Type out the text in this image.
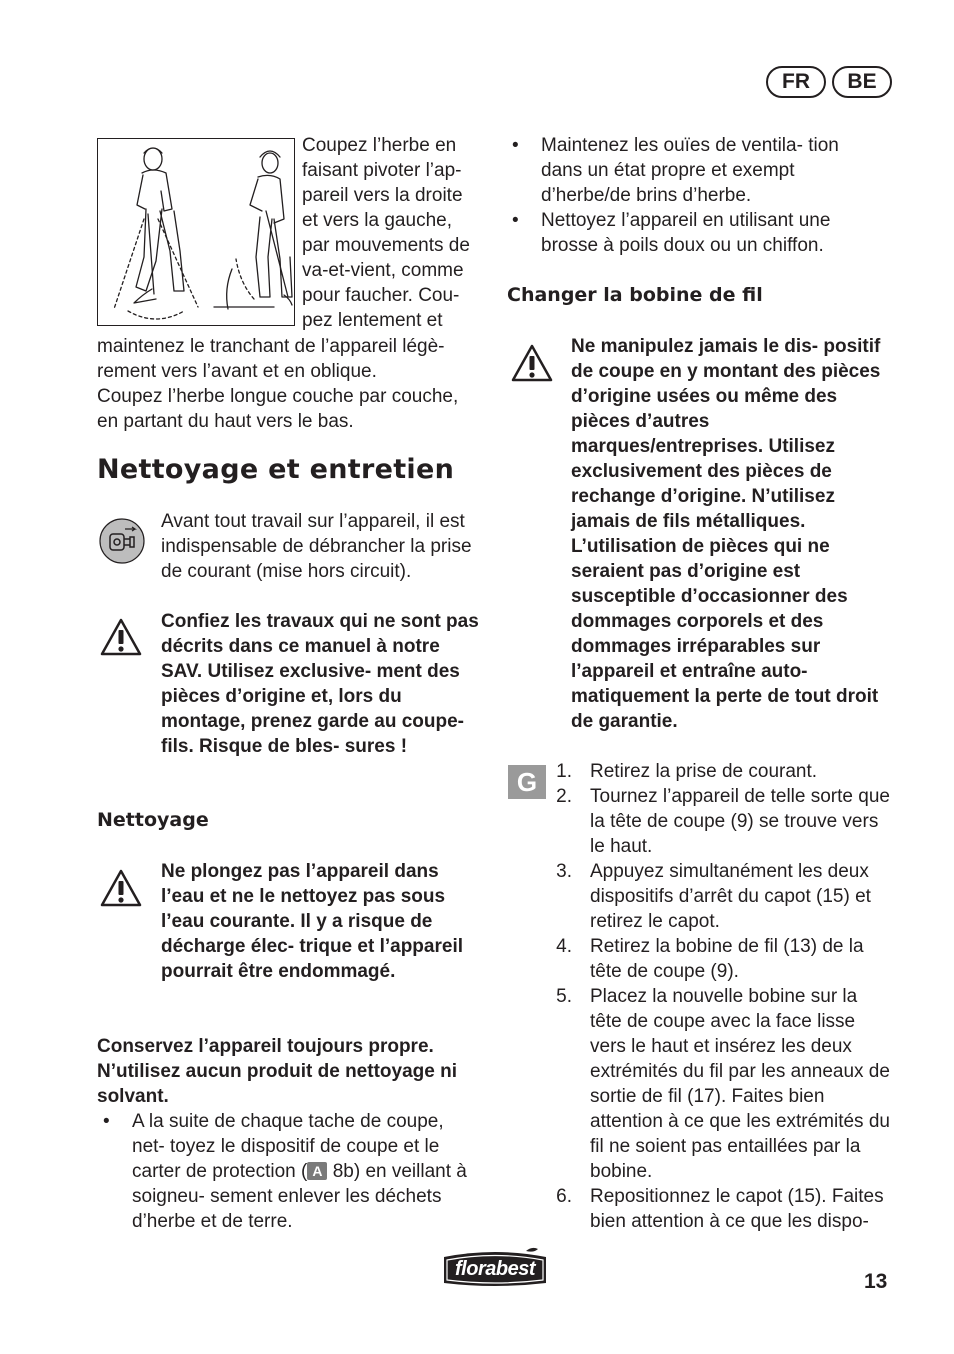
FR	BE
Coupez l’herbe en
faisant pivoter l’ap-
pareil vers la droite
et vers la gauche,
par mouvements de
va-et-vient, comme
pour faucher. Cou-
pez lentement et
maintenez le tranchant de l’appareil légè- rement vers l’avant et en oblique.
Coupez l’herbe longue couche par couche, en partant du haut vers le bas.
Nettoyage et entretien
Avant tout travail sur l’appareil, il est indispensable de débrancher la prise de courant (mise hors circuit).
Confiez les travaux qui ne sont pas décrits dans ce manuel à notre SAV. Utilisez exclusive- ment des pièces d’origine et, lors du montage, prenez garde au coupe-fils. Risque de bles- sures !
Nettoyage
Ne plongez pas l’appareil dans l’eau et ne le nettoyez pas sous l’eau courante. Il y a risque de décharge élec- trique et l’appareil pourrait être endommagé.
Conservez l’appareil toujours propre. N’utilisez aucun produit de nettoyage ni solvant.
• A la suite de chaque tache de coupe, net- toyez le dispositif de coupe et le carter de protection ( A 8b) en veillant à soigneu- sement enlever les déchets d’herbe et de terre.
• Maintenez les ouïes de ventila- tion dans un état propre et exempt d’herbe/de brins d’herbe.
• Nettoyez l’appareil en utilisant une brosse à poils doux ou un chiffon.
Changer la bobine de fil
Ne manipulez jamais le dis- positif de coupe en y montant des pièces d’origine usées ou même des pièces d’autres marques/entreprises. Utilisez exclusivement des pièces de rechange d’origine. N’utilisez jamais de fils métalliques. L’utilisation de pièces qui ne seraient pas d’origine est susceptible d’occasionner des dommages corporels et des dommages irréparables sur l’appareil et entraîne auto- matiquement la perte de tout droit de garantie.
G	1. Retirez la prise de courant.
2. Tournez l’appareil de telle sorte que la tête de coupe (9) se trouve vers le haut.
3. Appuyez simultanément les deux dispositifs d’arrêt du capot (15) et retirez le capot.
4. Retirez la bobine de fil (13) de la tête de coupe (9).
5. Placez la nouvelle bobine sur la tête de coupe avec la face lisse vers le haut et insérez les deux extrémités du fil par les anneaux de sortie de fil (17). Faites bien attention à ce que les extrémités du fil ne soient pas entaillées par la bobine.
6. Repositionnez le capot (15). Faites bien attention à ce que les dispo-
florabest
13
